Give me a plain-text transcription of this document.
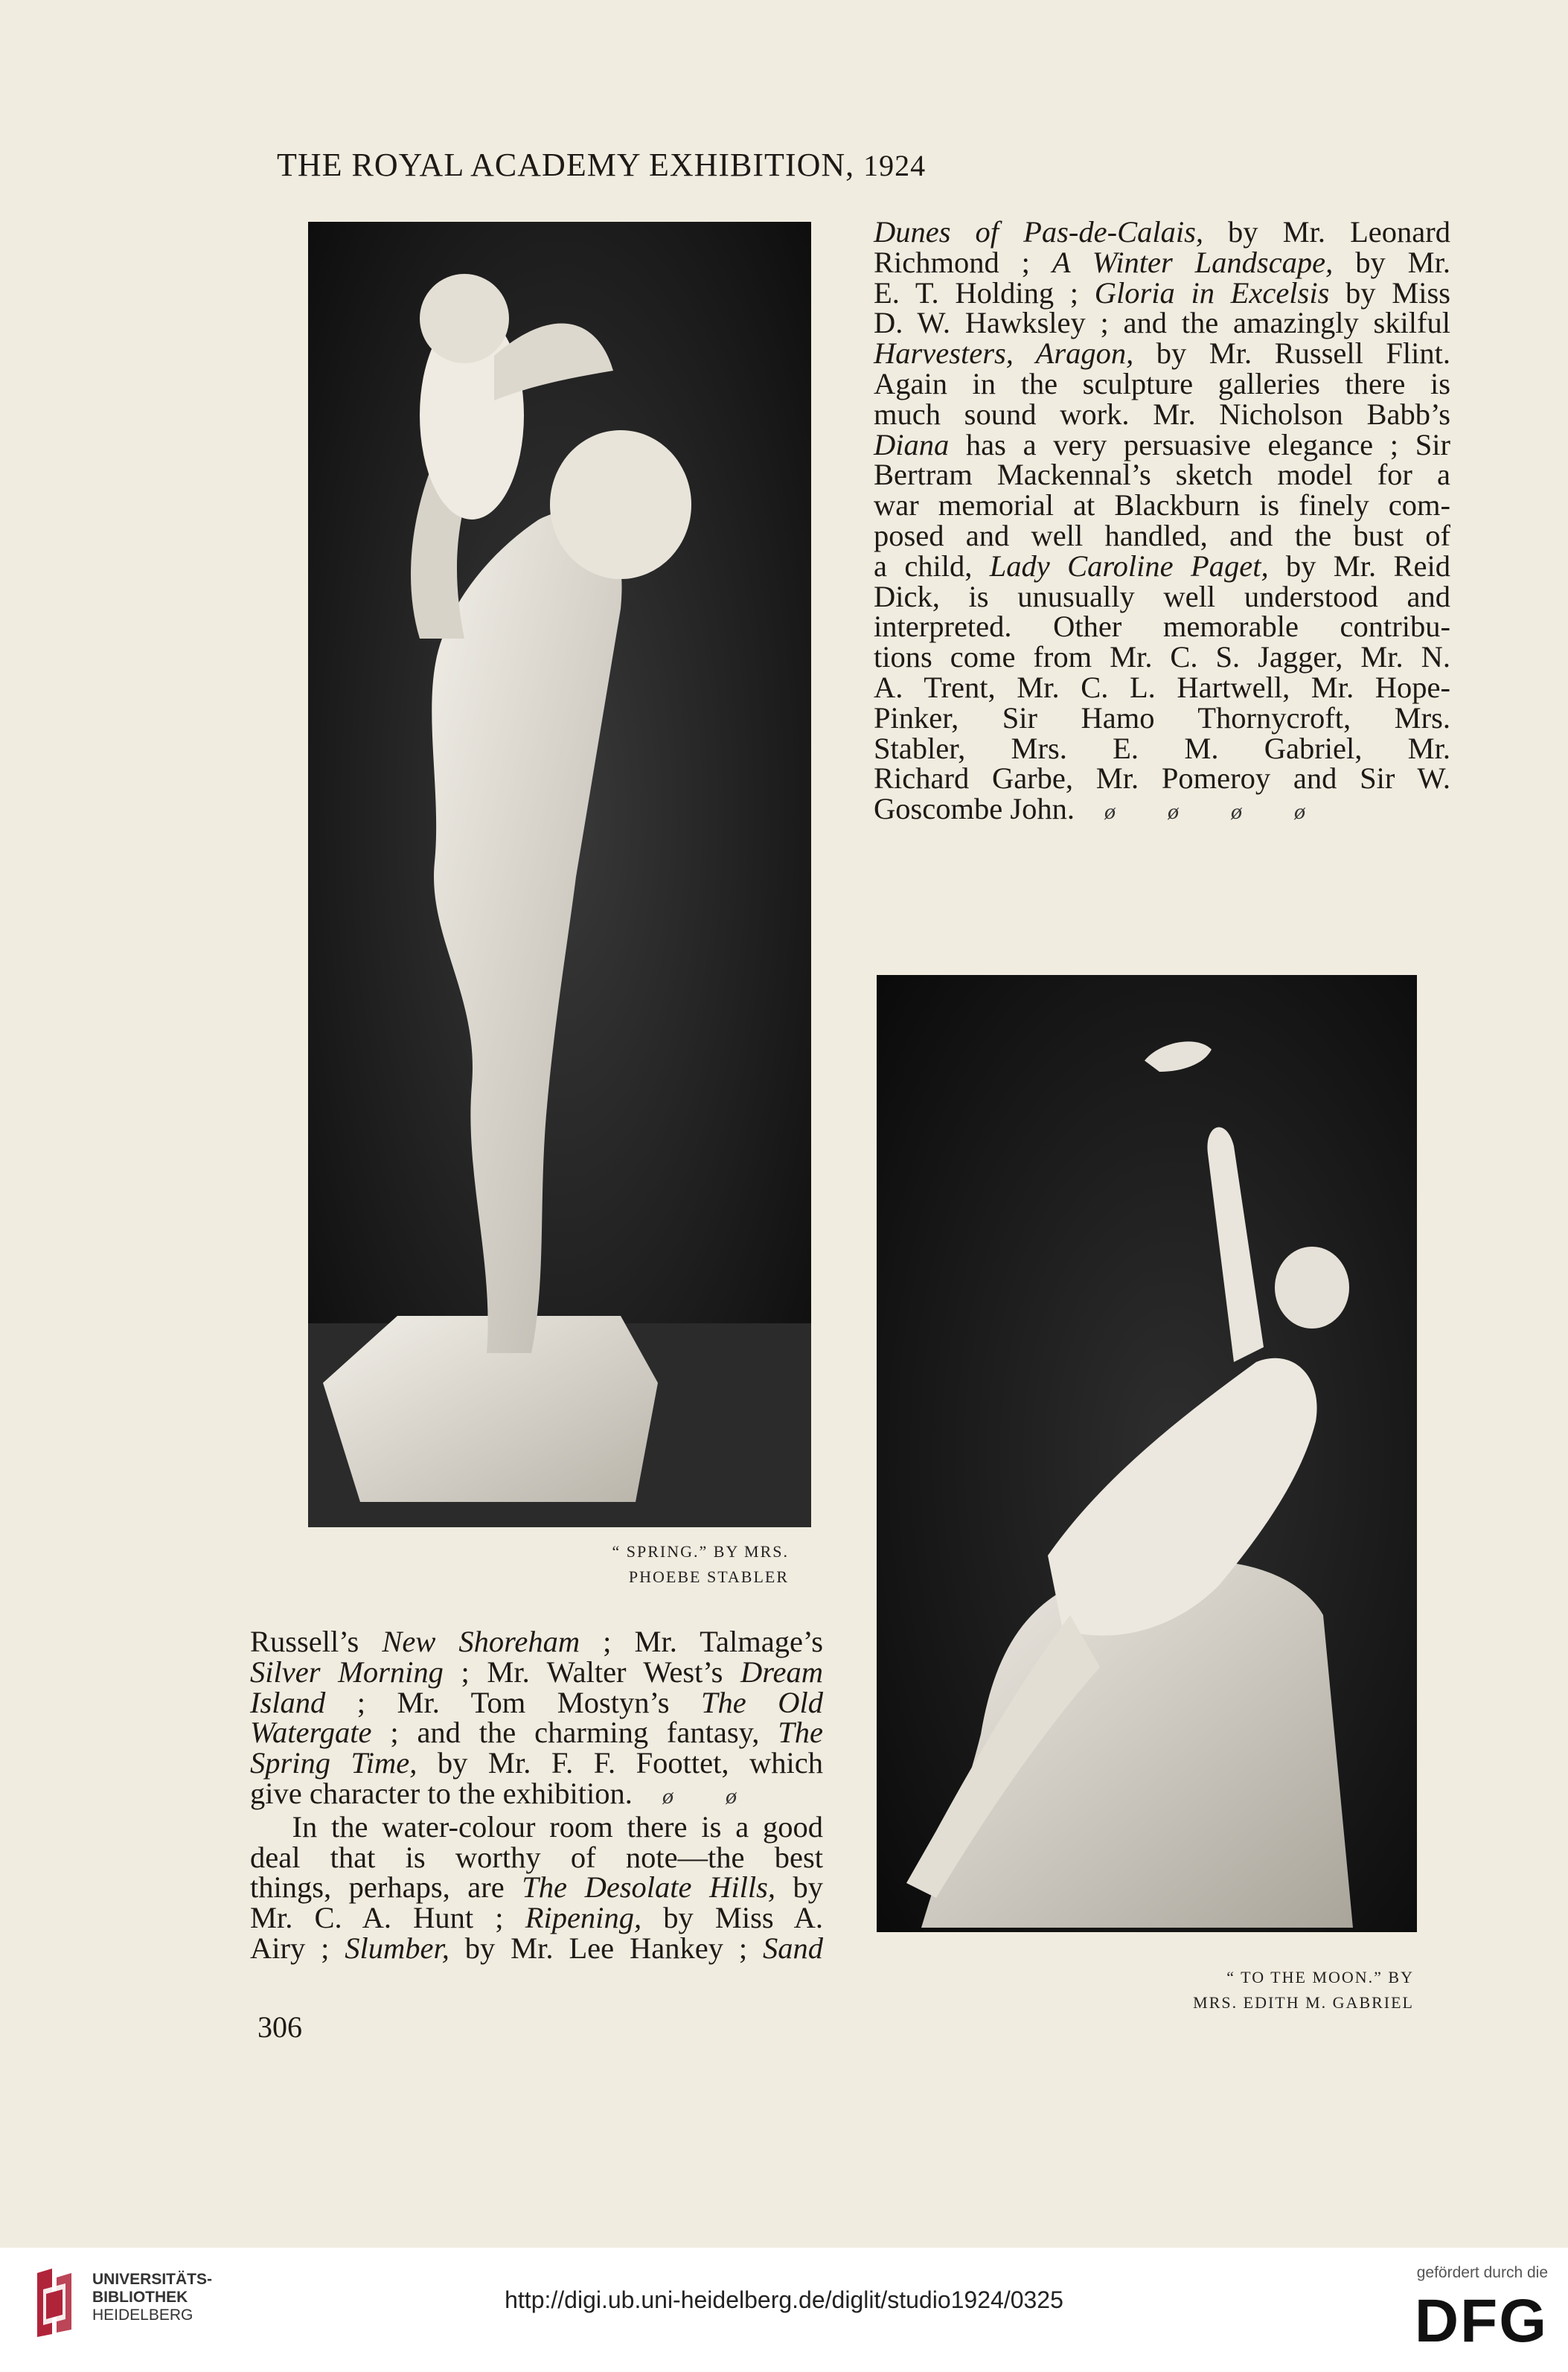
THE ROYAL ACADEMY EXHIBITION, 1924
“ SPRING.” BY MRS.
PHOEBE STABLER
“ TO THE MOON.” BY
MRS. EDITH M. GABRIEL
Dunes of Pas-de-Calais, by Mr. Leonard
Richmond ; A Winter Landscape, by Mr.
E. T. Holding ; Gloria in Excelsis by Miss
D. W. Hawksley ; and the amazingly skilful
Harvesters, Aragon, by Mr. Russell Flint.
Again in the sculpture galleries there is
much sound work. Mr. Nicholson Babb’s
Diana has a very persuasive elegance ; Sir
Bertram Mackennal’s sketch model for a
war memorial at Blackburn is finely com-
posed and well handled, and the bust of
a child, Lady Caroline Paget, by Mr. Reid
Dick, is unusually well understood and
interpreted. Other memorable contribu-
tions come from Mr. C. S. Jagger, Mr. N.
A. Trent, Mr. C. L. Hartwell, Mr. Hope-
Pinker, Sir Hamo Thornycroft, Mrs.
Stabler, Mrs. E. M. Gabriel, Mr.
Richard Garbe, Mr. Pomeroy and Sir W.
Goscombe John. ø ø ø ø
Russell’s New Shoreham ; Mr. Talmage’s
Silver Morning ; Mr. Walter West’s Dream
Island ; Mr. Tom Mostyn’s The Old
Watergate ; and the charming fantasy, The
Spring Time, by Mr. F. F. Foottet, which
give character to the exhibition. ø ø
In the water-colour room there is a good
deal that is worthy of note—the best
things, perhaps, are The Desolate Hills, by
Mr. C. A. Hunt ; Ripening, by Miss A.
Airy ; Slumber, by Mr. Lee Hankey ; Sand
306
UNIVERSITÄTS-
BIBLIOTHEK
HEIDELBERG
http://digi.ub.uni-heidelberg.de/diglit/studio1924/0325
gefördert durch die
DFG
